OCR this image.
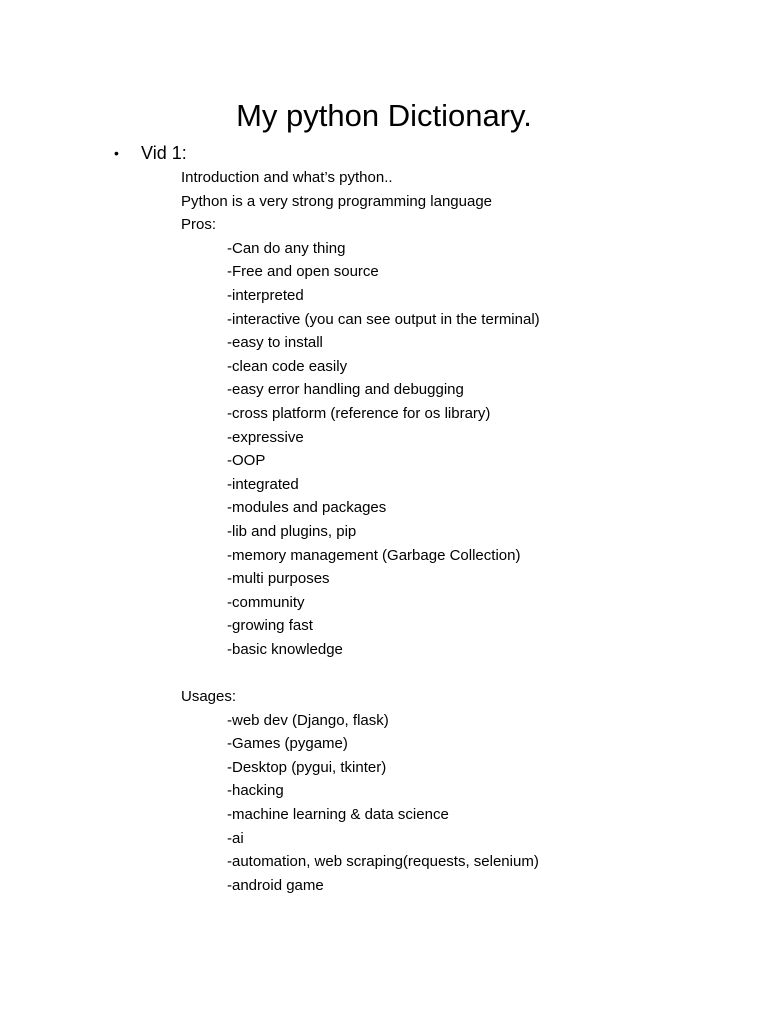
My python Dictionary.
• Vid 1:
Introduction and what’s python..
Python is a very strong programming language
Pros:
-Can do any thing
-Free and open source
-interpreted
-interactive (you can see output in the terminal)
-easy to install
-clean code easily
-easy error handling and debugging
-cross platform (reference for os library)
-expressive
-OOP
-integrated
-modules and packages
-lib and plugins, pip
-memory management (Garbage Collection)
-multi purposes
-community
-growing fast
-basic knowledge
Usages:
-web dev (Django, flask)
-Games (pygame)
-Desktop (pygui, tkinter)
-hacking
-machine learning & data science
-ai
-automation, web scraping(requests, selenium)
-android game
